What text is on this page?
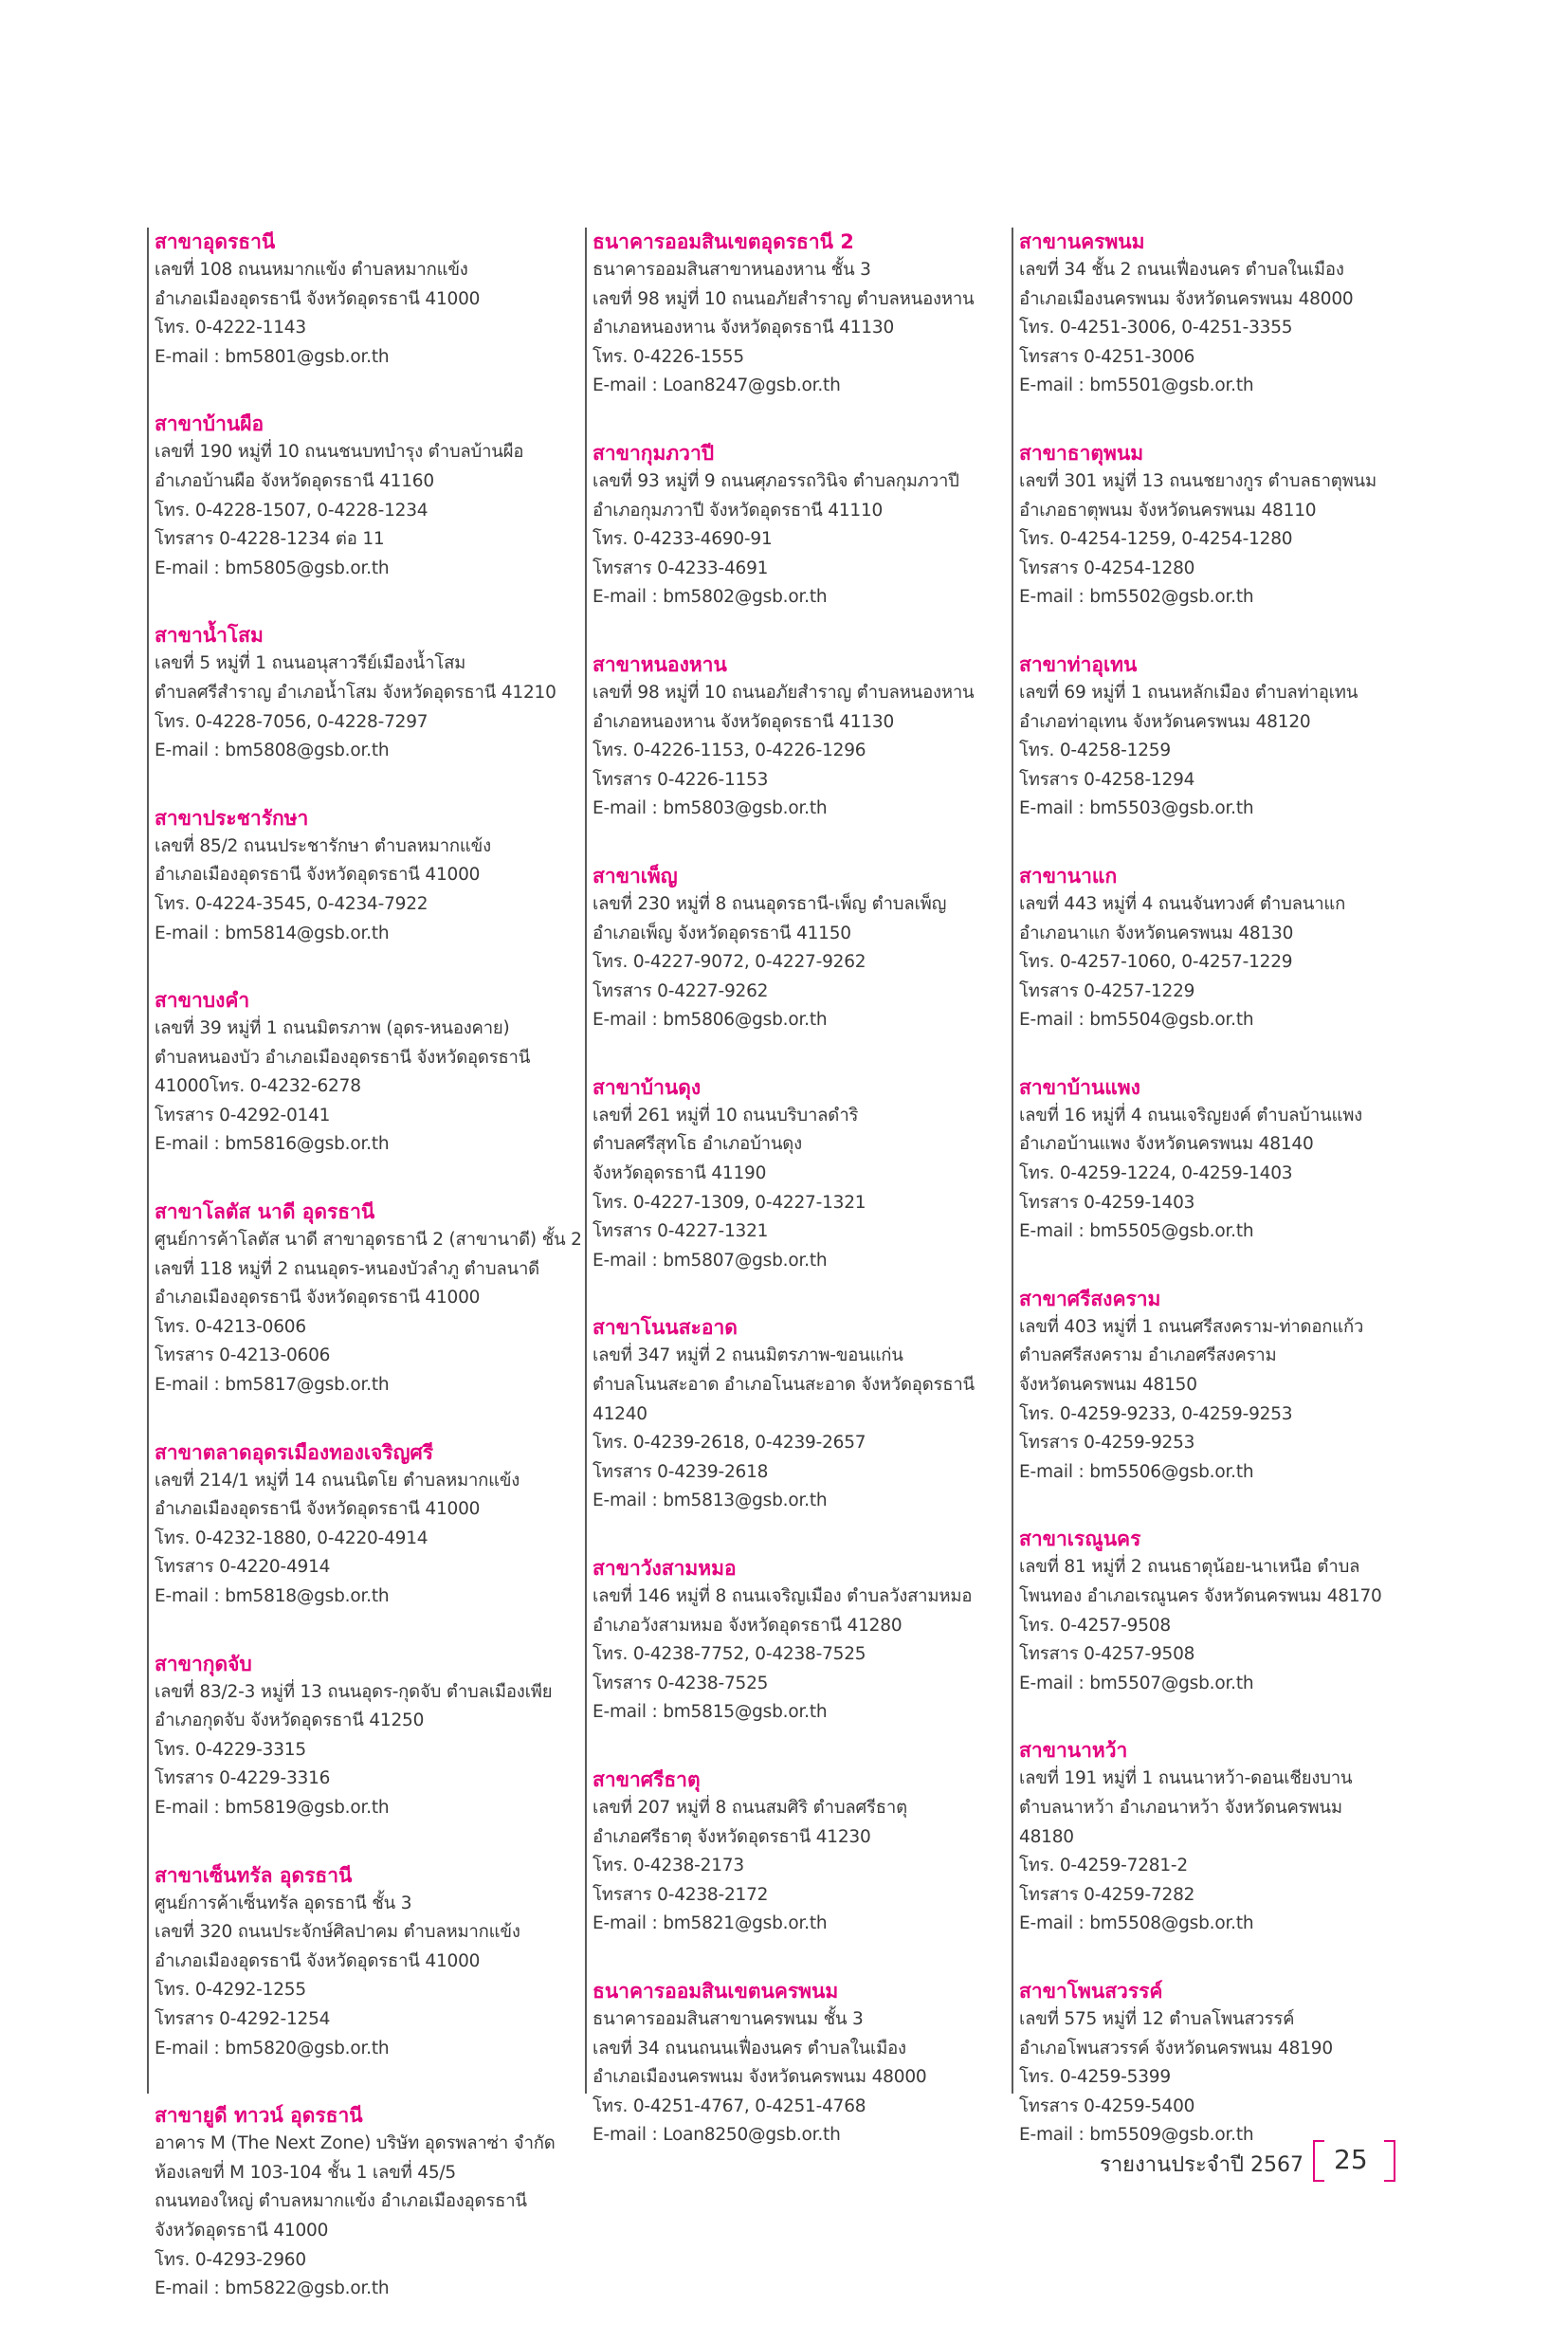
สาขาอุดรธานี

เลขที่ 108 ถนนหมากแข้ง ตำบลหมากแข้ง

อำเภอเมืองอุดรธานี จังหวัดอุดรธานี 41000

โทร. 0-4222-1143

E-mail : bm5801@gsb.or.th

สาขาบ้านผือ

เลขที่ 190 หมู่ที่ 10 ถนนชนบทบำรุง ตำบลบ้านผือ

อำเภอบ้านผือ จังหวัดอุดรธานี 41160

โทร. 0-4228-1507, 0-4228-1234

โทรสาร 0-4228-1234 ต่อ 11

E-mail : bm5805@gsb.or.th

สาขาน้ำโสม

เลขที่ 5 หมู่ที่ 1 ถนนอนุสาวรีย์เมืองน้ำโสม

ตำบลศรีสำราญ อำเภอน้ำโสม จังหวัดอุดรธานี 41210

โทร. 0-4228-7056, 0-4228-7297

E-mail : bm5808@gsb.or.th

สาขาประชารักษา

เลขที่ 85/2 ถนนประชารักษา ตำบลหมากแข้ง

อำเภอเมืองอุดรธานี จังหวัดอุดรธานี 41000

โทร. 0-4224-3545, 0-4234-7922

E-mail : bm5814@gsb.or.th

สาขาบงคำ

เลขที่ 39 หมู่ที่ 1 ถนนมิตรภาพ (อุดร-หนองคาย)

ตำบลหนองบัว อำเภอเมืองอุดรธานี จังหวัดอุดรธานี

41000โทร. 0-4232-6278

โทรสาร 0-4292-0141

E-mail : bm5816@gsb.or.th

สาขาโลตัส นาดี อุดรธานี

ศูนย์การค้าโลตัส นาดี สาขาอุดรธานี 2 (สาขานาดี) ชั้น 2

เลขที่ 118 หมู่ที่ 2 ถนนอุดร-หนองบัวลำภู ตำบลนาดี

อำเภอเมืองอุดรธานี จังหวัดอุดรธานี 41000

โทร. 0-4213-0606

โทรสาร 0-4213-0606

E-mail : bm5817@gsb.or.th

สาขาตลาดอุดรเมืองทองเจริญศรี

เลขที่ 214/1 หมู่ที่ 14 ถนนนิตโย ตำบลหมากแข้ง

อำเภอเมืองอุดรธานี จังหวัดอุดรธานี 41000

โทร. 0-4232-1880, 0-4220-4914

โทรสาร 0-4220-4914

E-mail : bm5818@gsb.or.th

สาขากุดจับ

เลขที่ 83/2-3 หมู่ที่ 13 ถนนอุดร-กุดจับ ตำบลเมืองเพีย

อำเภอกุดจับ จังหวัดอุดรธานี 41250

โทร. 0-4229-3315

โทรสาร 0-4229-3316

E-mail : bm5819@gsb.or.th

สาขาเซ็นทรัล อุดรธานี

ศูนย์การค้าเซ็นทรัล อุดรธานี ชั้น 3

เลขที่ 320 ถนนประจักษ์ศิลปาคม ตำบลหมากแข้ง

อำเภอเมืองอุดรธานี จังหวัดอุดรธานี 41000

โทร. 0-4292-1255

โทรสาร 0-4292-1254

E-mail : bm5820@gsb.or.th

สาขายูดี ทาวน์ อุดรธานี

อาคาร M (The Next Zone) บริษัท อุดรพลาซ่า จำกัด

ห้องเลขที่ M 103-104 ชั้น 1 เลขที่ 45/5

ถนนทองใหญ่ ตำบลหมากแข้ง อำเภอเมืองอุดรธานี

จังหวัดอุดรธานี 41000

โทร. 0-4293-2960

E-mail : bm5822@gsb.or.th

ธนาคารออมสินเขตอุดรธานี 2

ธนาคารออมสินสาขาหนองหาน ชั้น 3

เลขที่ 98 หมู่ที่ 10 ถนนอภัยสำราญ ตำบลหนองหาน

อำเภอหนองหาน จังหวัดอุดรธานี 41130

โทร. 0-4226-1555

E-mail : Loan8247@gsb.or.th

สาขากุมภวาปี

เลขที่ 93 หมู่ที่ 9 ถนนศุภอรรถวินิจ ตำบลกุมภวาปี

อำเภอกุมภวาปี จังหวัดอุดรธานี 41110

โทร. 0-4233-4690-91

โทรสาร 0-4233-4691

E-mail : bm5802@gsb.or.th

สาขาหนองหาน

เลขที่ 98 หมู่ที่ 10 ถนนอภัยสำราญ ตำบลหนองหาน

อำเภอหนองหาน จังหวัดอุดรธานี 41130

โทร. 0-4226-1153, 0-4226-1296

โทรสาร 0-4226-1153

E-mail : bm5803@gsb.or.th

สาขาเพ็ญ

เลขที่ 230 หมู่ที่ 8 ถนนอุดรธานี-เพ็ญ ตำบลเพ็ญ

อำเภอเพ็ญ จังหวัดอุดรธานี 41150

โทร. 0-4227-9072, 0-4227-9262

โทรสาร 0-4227-9262

E-mail : bm5806@gsb.or.th

สาขาบ้านดุง

เลขที่ 261 หมู่ที่ 10 ถนนบริบาลดำริ

ตำบลศรีสุทโธ อำเภอบ้านดุง

จังหวัดอุดรธานี 41190

โทร. 0-4227-1309, 0-4227-1321

โทรสาร 0-4227-1321

E-mail : bm5807@gsb.or.th

สาขาโนนสะอาด

เลขที่ 347 หมู่ที่ 2 ถนนมิตรภาพ-ขอนแก่น

ตำบลโนนสะอาด อำเภอโนนสะอาด จังหวัดอุดรธานี

41240

โทร. 0-4239-2618, 0-4239-2657

โทรสาร 0-4239-2618

E-mail : bm5813@gsb.or.th

สาขาวังสามหมอ

เลขที่ 146 หมู่ที่ 8 ถนนเจริญเมือง ตำบลวังสามหมอ

อำเภอวังสามหมอ จังหวัดอุดรธานี 41280

โทร. 0-4238-7752, 0-4238-7525

โทรสาร 0-4238-7525

E-mail : bm5815@gsb.or.th

สาขาศรีธาตุ

เลขที่ 207 หมู่ที่ 8 ถนนสมศิริ ตำบลศรีธาตุ

อำเภอศรีธาตุ จังหวัดอุดรธานี 41230

โทร. 0-4238-2173

โทรสาร 0-4238-2172

E-mail : bm5821@gsb.or.th

ธนาคารออมสินเขตนครพนม

ธนาคารออมสินสาขานครพนม ชั้น 3

เลขที่ 34 ถนนถนนเฟื่องนคร ตำบลในเมือง

อำเภอเมืองนครพนม จังหวัดนครพนม 48000

โทร. 0-4251-4767, 0-4251-4768

E-mail : Loan8250@gsb.or.th

สาขานครพนม

เลขที่ 34 ชั้น 2 ถนนเฟื่องนคร ตำบลในเมือง

อำเภอเมืองนครพนม จังหวัดนครพนม 48000

โทร. 0-4251-3006, 0-4251-3355

โทรสาร 0-4251-3006

E-mail : bm5501@gsb.or.th

สาขาธาตุพนม

เลขที่ 301 หมู่ที่ 13 ถนนชยางกูร ตำบลธาตุพนม

อำเภอธาตุพนม จังหวัดนครพนม 48110

โทร. 0-4254-1259, 0-4254-1280

โทรสาร 0-4254-1280

E-mail : bm5502@gsb.or.th

สาขาท่าอุเทน

เลขที่ 69 หมู่ที่ 1 ถนนหลักเมือง ตำบลท่าอุเทน

อำเภอท่าอุเทน จังหวัดนครพนม 48120

โทร. 0-4258-1259

โทรสาร 0-4258-1294

E-mail : bm5503@gsb.or.th

สาขานาแก

เลขที่ 443 หมู่ที่ 4 ถนนจันทวงศ์ ตำบลนาแก

อำเภอนาแก จังหวัดนครพนม 48130

โทร. 0-4257-1060, 0-4257-1229

โทรสาร 0-4257-1229

E-mail : bm5504@gsb.or.th

สาขาบ้านแพง

เลขที่ 16 หมู่ที่ 4 ถนนเจริญยงค์ ตำบลบ้านแพง

อำเภอบ้านแพง จังหวัดนครพนม 48140

โทร. 0-4259-1224, 0-4259-1403

โทรสาร 0-4259-1403

E-mail : bm5505@gsb.or.th

สาขาศรีสงคราม

เลขที่ 403 หมู่ที่ 1 ถนนศรีสงคราม-ท่าดอกแก้ว

ตำบลศรีสงคราม อำเภอศรีสงคราม

จังหวัดนครพนม 48150

โทร. 0-4259-9233, 0-4259-9253

โทรสาร 0-4259-9253

E-mail : bm5506@gsb.or.th

สาขาเรณูนคร

เลขที่ 81 หมู่ที่ 2 ถนนธาตุน้อย-นาเหนือ ตำบล

โพนทอง อำเภอเรณูนคร จังหวัดนครพนม 48170

โทร. 0-4257-9508

โทรสาร 0-4257-9508

E-mail : bm5507@gsb.or.th

สาขานาหว้า

เลขที่ 191 หมู่ที่ 1 ถนนนาหว้า-ดอนเชียงบาน

ตำบลนาหว้า อำเภอนาหว้า จังหวัดนครพนม

48180

โทร. 0-4259-7281-2

โทรสาร 0-4259-7282

E-mail : bm5508@gsb.or.th

สาขาโพนสวรรค์

เลขที่ 575 หมู่ที่ 12 ตำบลโพนสวรรค์

อำเภอโพนสวรรค์ จังหวัดนครพนม 48190

โทร. 0-4259-5399

โทรสาร 0-4259-5400

E-mail : bm5509@gsb.or.th

รายงานประจำปี 2567 25
